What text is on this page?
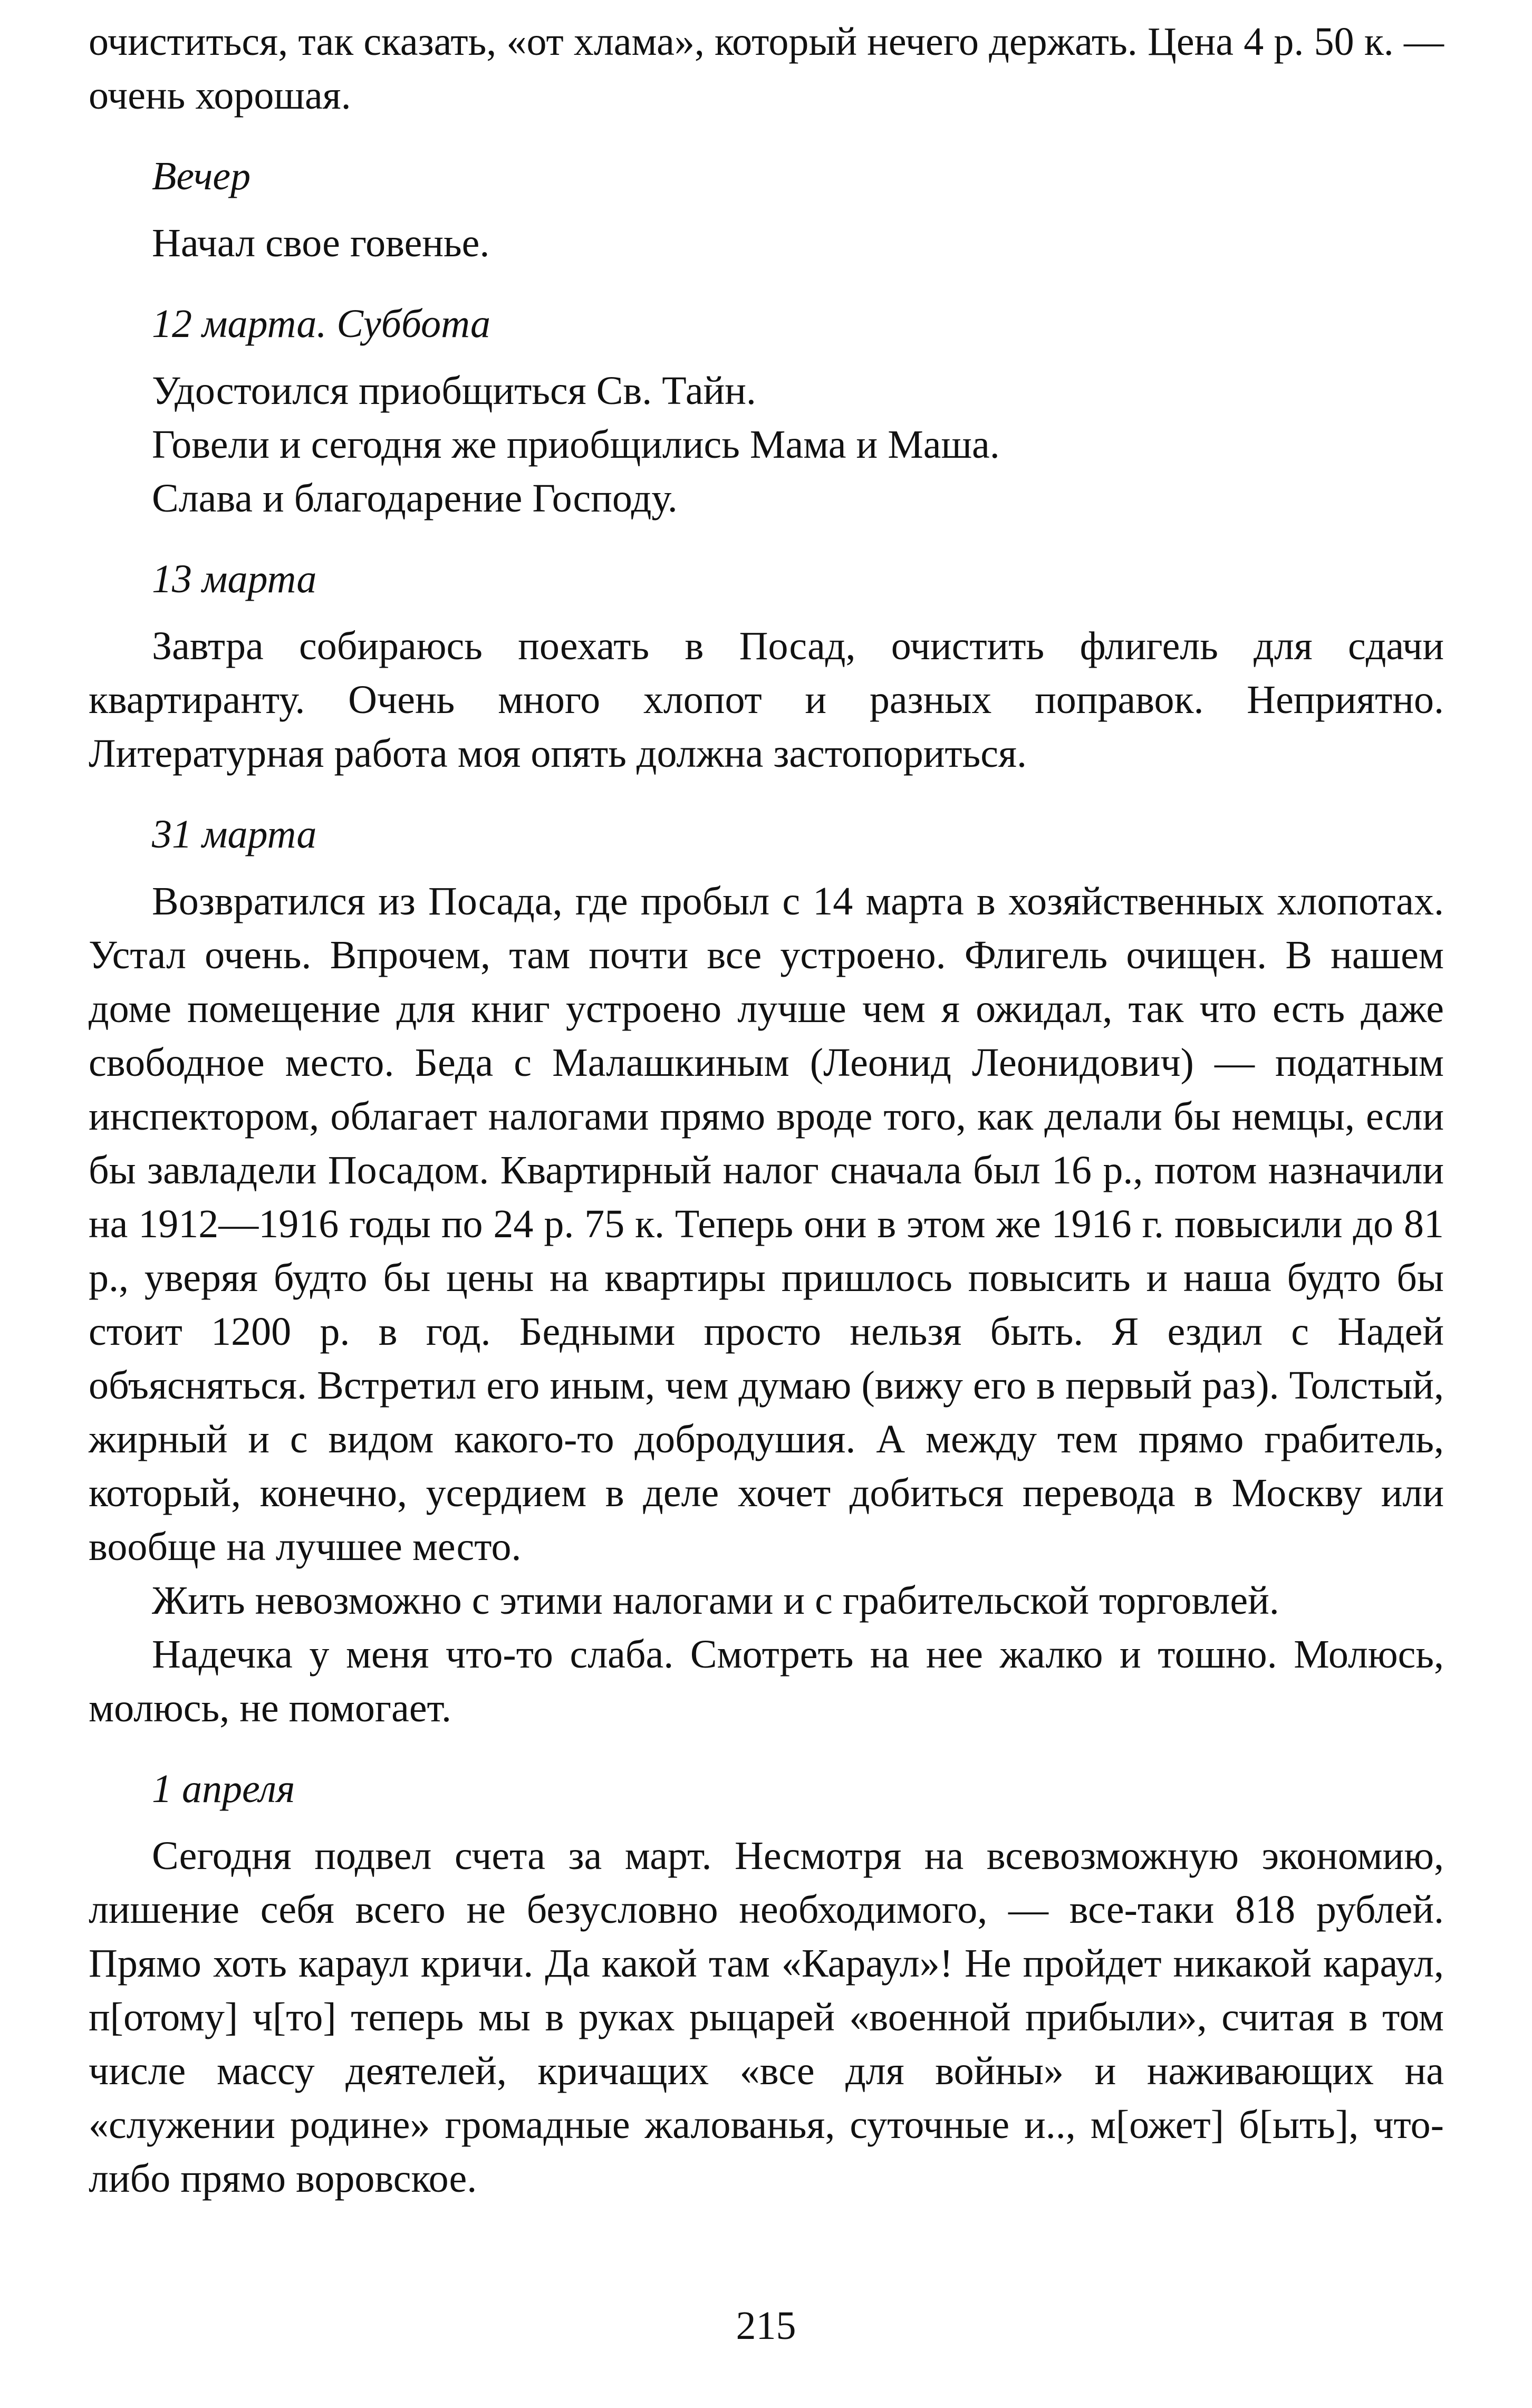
очиститься, так сказать, «от хлама», который нечего держать. Цена 4 р. 50 к. — очень хорошая.

Вечер

Начал свое говенье.

12 марта. Суббота
Удостоился приобщиться Св. Тайн.
Говели и сегодня же приобщились Мама и Маша.
Слава и благодарение Господу.
13 марта

Завтра собираюсь поехать в Посад, очистить флигель для сдачи квартиранту. Очень много хлопот и разных поправок. Неприятно. Литературная работа моя опять должна застопориться.

31 марта

Возвратился из Посада, где пробыл с 14 марта в хозяйственных хлопотах. Устал очень. Впрочем, там почти все устроено. Флигель очищен. В нашем доме помещение для книг устроено лучше чем я ожидал, так что есть даже свободное место. Беда с Малашкиным (Леонид Леонидович) — податным инспектором, облагает налогами прямо вроде того, как делали бы немцы, если бы завладели Посадом. Квартирный налог сначала был 16 р., потом назначили на 1912—1916 годы по 24 р. 75 к. Теперь они в этом же 1916 г. повысили до 81 р., уверяя будто бы цены на квартиры пришлось повысить и наша будто бы стоит 1200 р. в год. Бедными просто нельзя быть. Я ездил с Надей объясняться. Встретил его иным, чем думаю (вижу его в первый раз). Толстый, жирный и с видом какого-то добродушия. А между тем прямо грабитель, который, конечно, усердием в деле хочет добиться перевода в Москву или вообще на лучшее место.

Жить невозможно с этими налогами и с грабительской торговлей.

Надечка у меня что-то слаба. Смотреть на нее жалко и тошно. Молюсь, молюсь, не помогает.

1 апреля

Сегодня подвел счета за март. Несмотря на всевозможную экономию, лишение себя всего не безусловно необходимого, — все-таки 818 рублей. Прямо хоть караул кричи. Да какой там «Караул»! Не пройдет никакой караул, п[отому] ч[то] теперь мы в руках рыцарей «военной прибыли», считая в том числе массу деятелей, кричащих «все для войны» и наживающих на «служении родине» громадные жалованья, суточные и.., м[ожет] б[ыть], что-либо прямо воровское.

215
